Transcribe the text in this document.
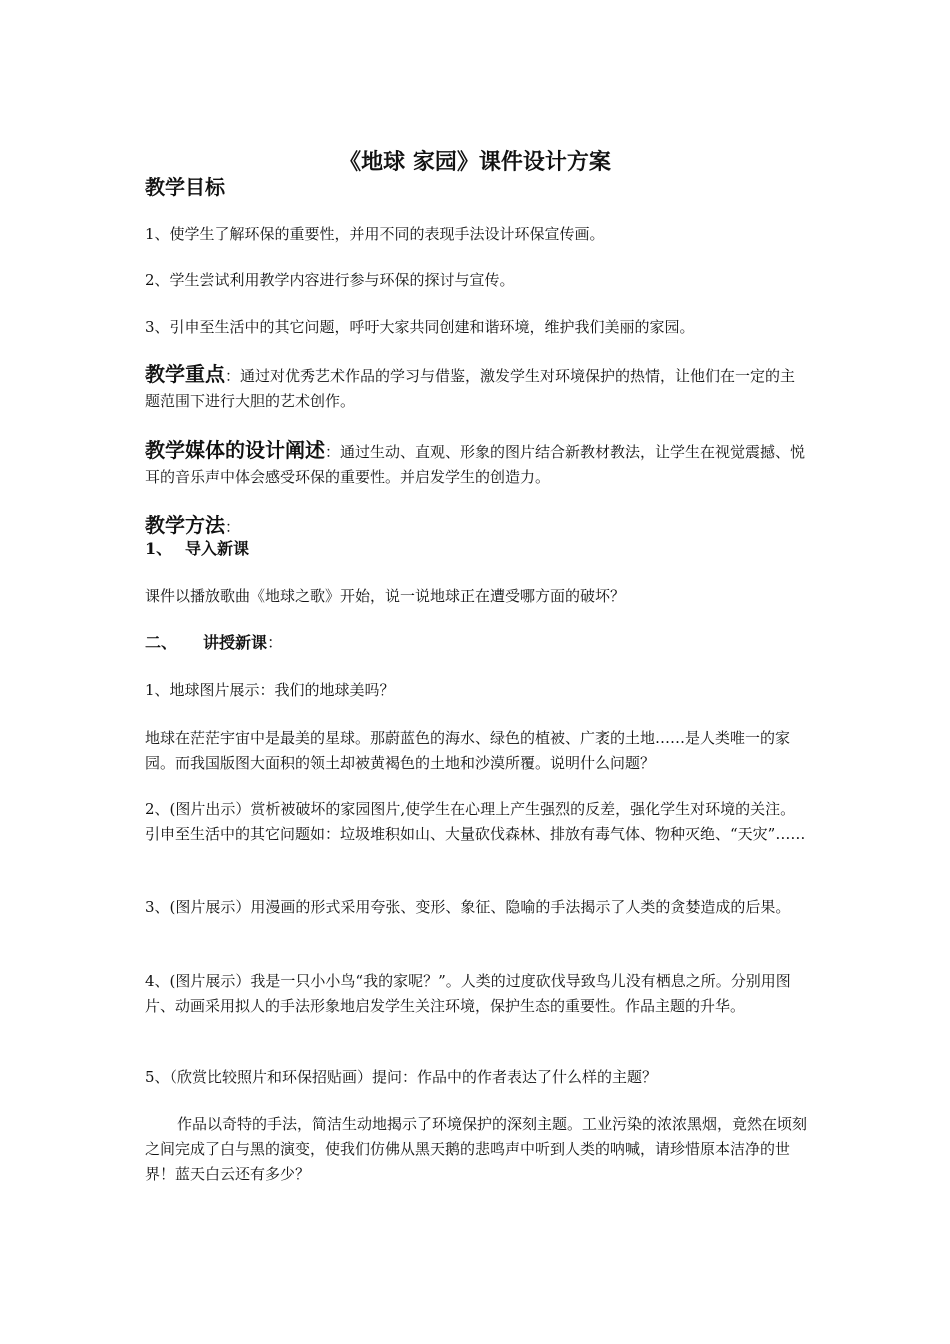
《地球 家园》课件设计方案
教学目标
1、使学生了解环保的重要性，并用不同的表现手法设计环保宣传画。
2、学生尝试利用教学内容进行参与环保的探讨与宣传。
3、引申至生活中的其它问题，呼吁大家共同创建和谐环境，维护我们美丽的家园。
教学重点：通过对优秀艺术作品的学习与借鉴，激发学生对环境保护的热情，让他们在一定的主题范围下进行大胆的艺术创作。
教学媒体的设计阐述：通过生动、直观、形象的图片结合新教材教法，让学生在视觉震撼、悦耳的音乐声中体会感受环保的重要性。并启发学生的创造力。
教学方法：
1、 导入新课
课件以播放歌曲《地球之歌》开始，说一说地球正在遭受哪方面的破坏？
二、 讲授新课：
1、地球图片展示：我们的地球美吗？
地球在茫茫宇宙中是最美的星球。那蔚蓝色的海水、绿色的植被、广袤的土地……是人类唯一的家园。而我国版图大面积的领土却被黄褐色的土地和沙漠所覆。说明什么问题？
2、(图片出示）赏析被破坏的家园图片,使学生在心理上产生强烈的反差，强化学生对环境的关注。引申至生活中的其它问题如：垃圾堆积如山、大量砍伐森林、排放有毒气体、物种灭绝、“天灾”……
3、(图片展示）用漫画的形式采用夸张、变形、象征、隐喻的手法揭示了人类的贪婪造成的后果。
4、(图片展示）我是一只小小鸟“我的家呢？”。人类的过度砍伐导致鸟儿没有栖息之所。分别用图片、动画采用拟人的手法形象地启发学生关注环境，保护生态的重要性。作品主题的升华。
5、（欣赏比较照片和环保招贴画）提问：作品中的作者表达了什么样的主题？
作品以奇特的手法，简洁生动地揭示了环境保护的深刻主题。工业污染的浓浓黑烟，竟然在顷刻之间完成了白与黑的演变，使我们仿佛从黑天鹅的悲鸣声中听到人类的呐喊，请珍惜原本洁净的世界！蓝天白云还有多少？
